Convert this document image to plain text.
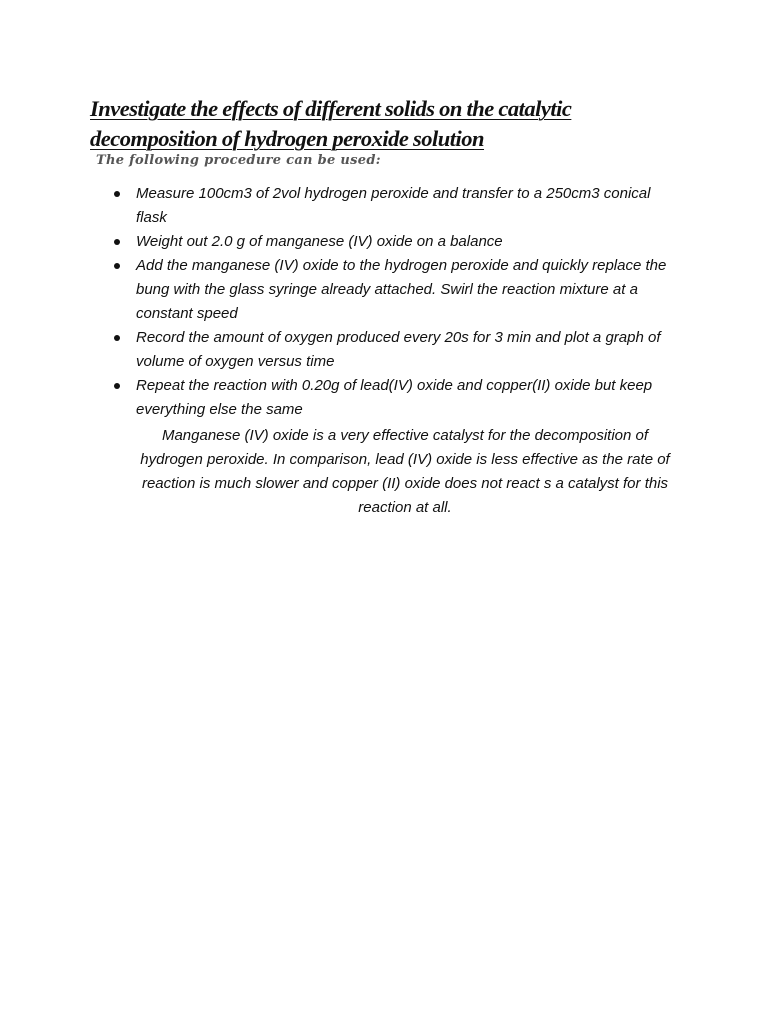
Investigate the effects of different solids on the catalytic decomposition of hydrogen peroxide solution

The following procedure can be used:

Measure 100cm3 of 2vol hydrogen peroxide and transfer to a 250cm3 conical flask
Weight out 2.0 g of manganese (IV) oxide on a balance
Add the manganese (IV) oxide to the hydrogen peroxide and quickly replace the bung with the glass syringe already attached. Swirl the reaction mixture at a constant speed
Record the amount of oxygen produced every 20s for 3 min and plot a graph of volume of oxygen versus time
Repeat the reaction with 0.20g of lead(IV) oxide and copper(II) oxide but keep everything else the same

Manganese (IV) oxide is a very effective catalyst for the decomposition of hydrogen peroxide. In comparison, lead (IV) oxide is less effective as the rate of reaction is much slower and copper (II) oxide does not react s a catalyst for this reaction at all.
